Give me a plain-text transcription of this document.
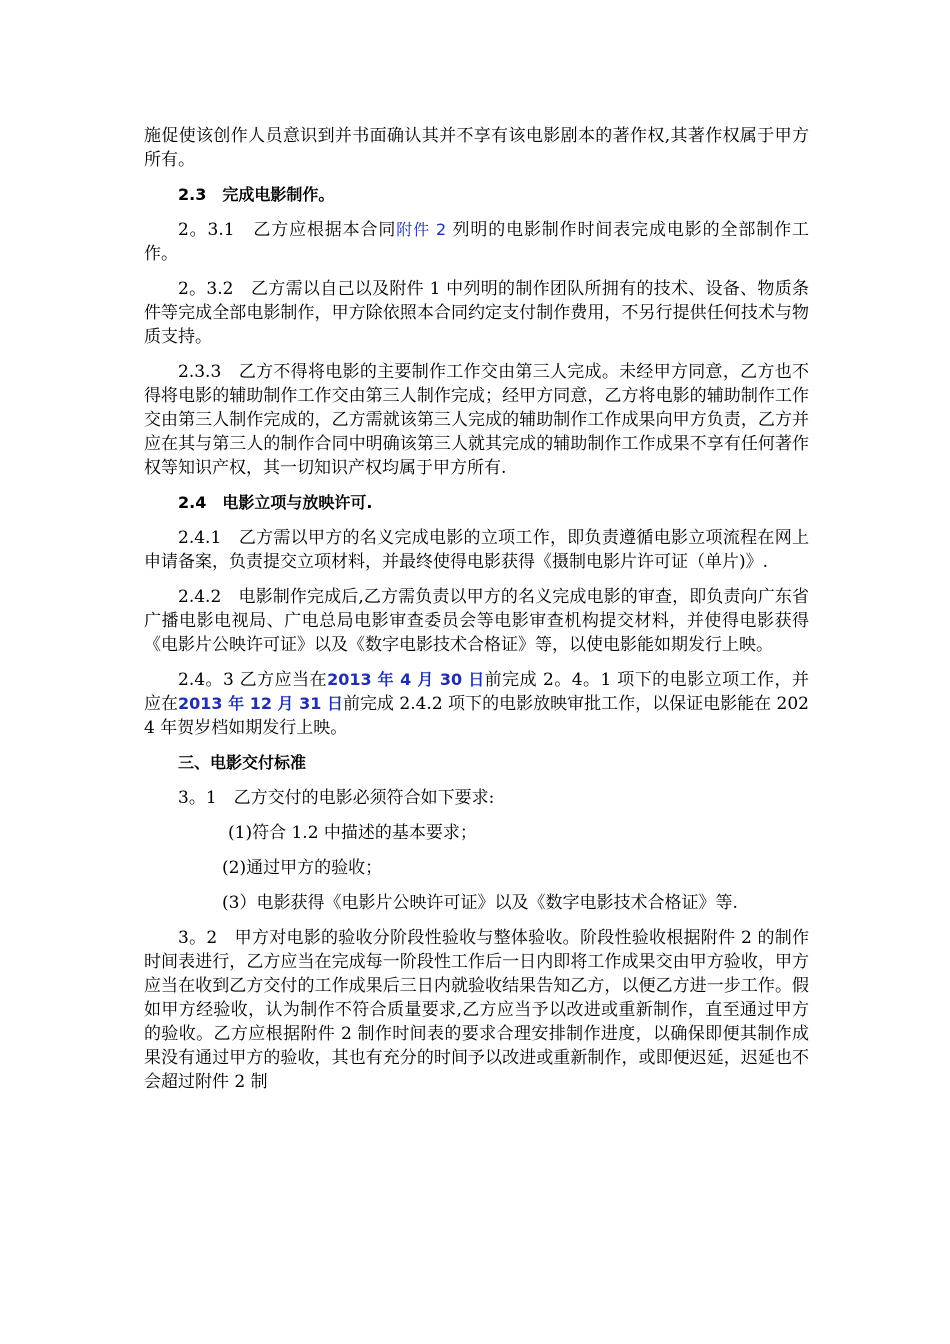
施促使该创作人员意识到并书面确认其并不享有该电影剧本的著作权,其著作权属于甲方所有。

2.3　完成电影制作。

2。3.1　乙方应根据本合同附件 2 列明的电影制作时间表完成电影的全部制作工作。

2。3.2　乙方需以自己以及附件 1 中列明的制作团队所拥有的技术、设备、物质条件等完成全部电影制作，甲方除依照本合同约定支付制作费用，不另行提供任何技术与物质支持。

2.3.3　乙方不得将电影的主要制作工作交由第三人完成。未经甲方同意，乙方也不得将电影的辅助制作工作交由第三人制作完成；经甲方同意，乙方将电影的辅助制作工作交由第三人制作完成的，乙方需就该第三人完成的辅助制作工作成果向甲方负责，乙方并应在其与第三人的制作合同中明确该第三人就其完成的辅助制作工作成果不享有任何著作权等知识产权，其一切知识产权均属于甲方所有.

2.4　电影立项与放映许可.

2.4.1　乙方需以甲方的名义完成电影的立项工作，即负责遵循电影立项流程在网上申请备案，负责提交立项材料，并最终使得电影获得《摄制电影片许可证（单片)》.

2.4.2　电影制作完成后,乙方需负责以甲方的名义完成电影的审查，即负责向广东省广播电影电视局、广电总局电影审查委员会等电影审查机构提交材料，并使得电影获得《电影片公映许可证》以及《数字电影技术合格证》等，以使电影能如期发行上映。

2.4。3 乙方应当在2013 年 4 月 30 日前完成 2。4。1 项下的电影立项工作，并应在2013 年 12 月 31 日前完成 2.4.2 项下的电影放映审批工作，以保证电影能在 2024 年贺岁档如期发行上映。

三、电影交付标准

3。1　乙方交付的电影必须符合如下要求:

(1)符合 1.2 中描述的基本要求；

(2)通过甲方的验收；

(3）电影获得《电影片公映许可证》以及《数字电影技术合格证》等.

3。2　甲方对电影的验收分阶段性验收与整体验收。阶段性验收根据附件 2 的制作时间表进行，乙方应当在完成每一阶段性工作后一日内即将工作成果交由甲方验收，甲方应当在收到乙方交付的工作成果后三日内就验收结果告知乙方，以便乙方进一步工作。假如甲方经验收，认为制作不符合质量要求,乙方应当予以改进或重新制作，直至通过甲方的验收。乙方应根据附件 2 制作时间表的要求合理安排制作进度，以确保即便其制作成果没有通过甲方的验收，其也有充分的时间予以改进或重新制作，或即便迟延，迟延也不会超过附件 2 制
